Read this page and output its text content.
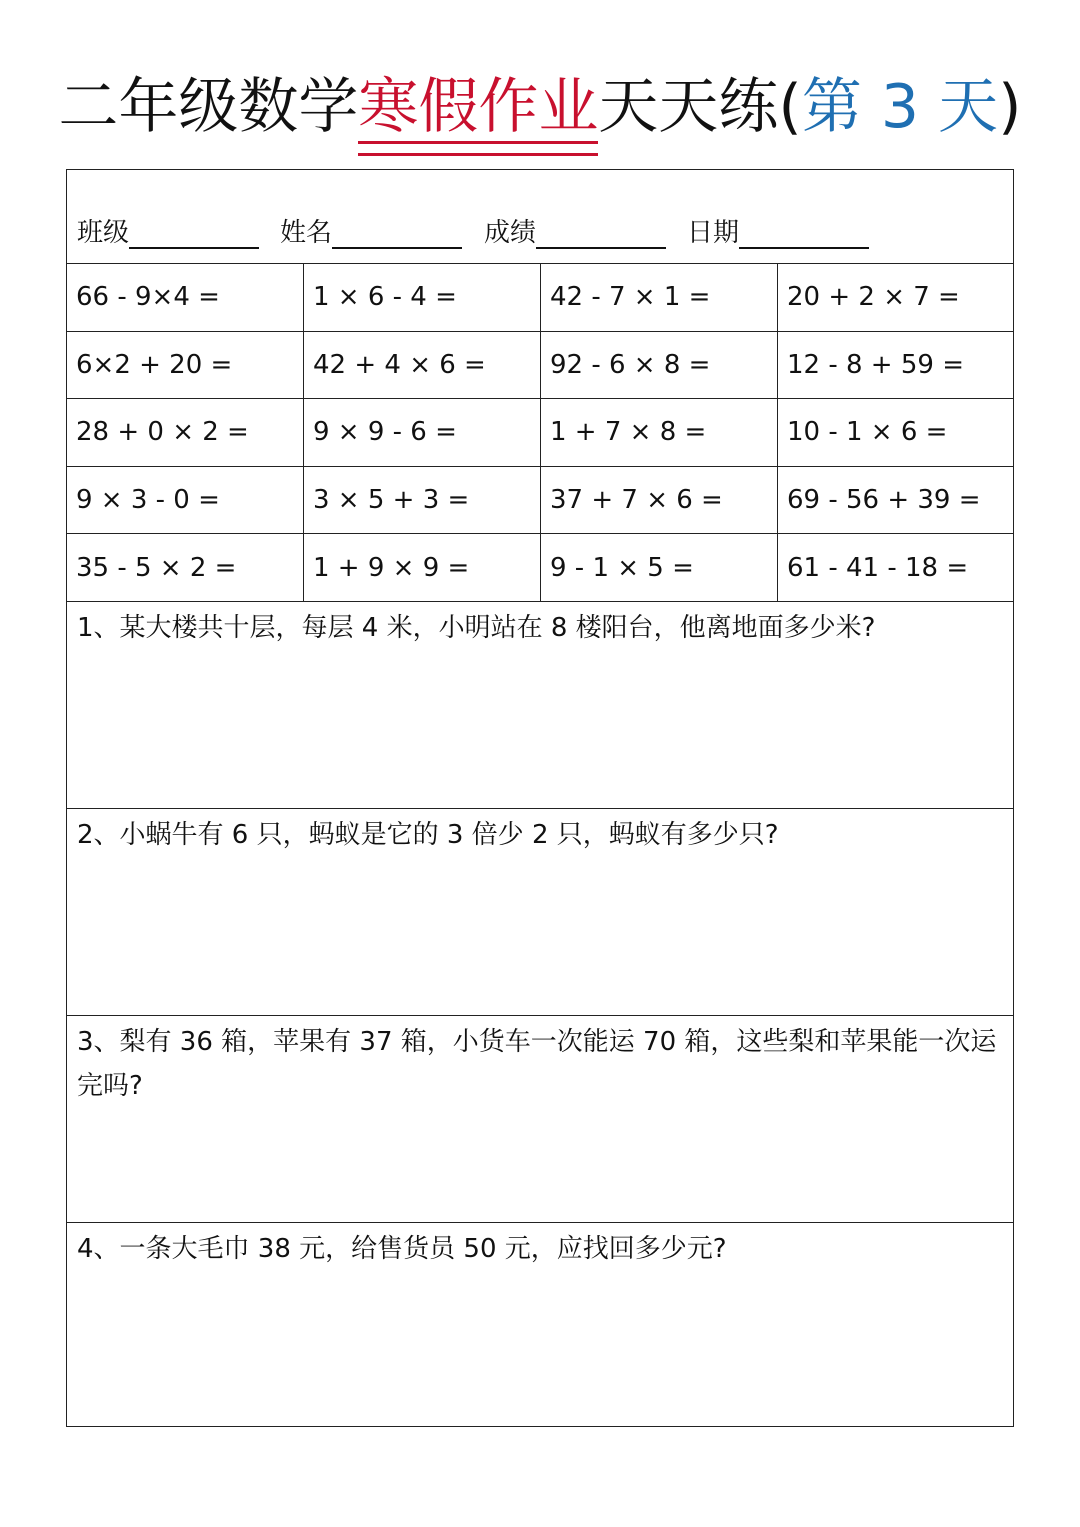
二年级数学寒假作业天天练(第 3 天)
班级	姓名	成绩	日期
66 - 9×4 =	1 × 6 - 4 =	42 - 7 × 1 =	20 + 2 × 7 =
6×2 + 20 =	42 + 4 × 6 =	92 - 6 × 8 =	12 - 8 + 59 =
28 + 0 × 2 =	9 × 9 - 6 =	1 + 7 × 8 =	10 - 1 × 6 =
9 × 3 - 0 =	3 × 5 + 3 =	37 + 7 × 6 =	69 - 56 + 39 =
35 - 5 × 2 =	1 + 9 × 9 =	9 - 1 × 5 =	61 - 41 - 18 =
1、某大楼共十层，每层 4 米，小明站在 8 楼阳台，他离地面多少米?
2、小蜗牛有 6 只，蚂蚁是它的 3 倍少 2 只，蚂蚁有多少只?
3、梨有 36 箱，苹果有 37 箱，小货车一次能运 70 箱，这些梨和苹果能一次运完吗?
4、一条大毛巾 38 元，给售货员 50 元，应找回多少元?
